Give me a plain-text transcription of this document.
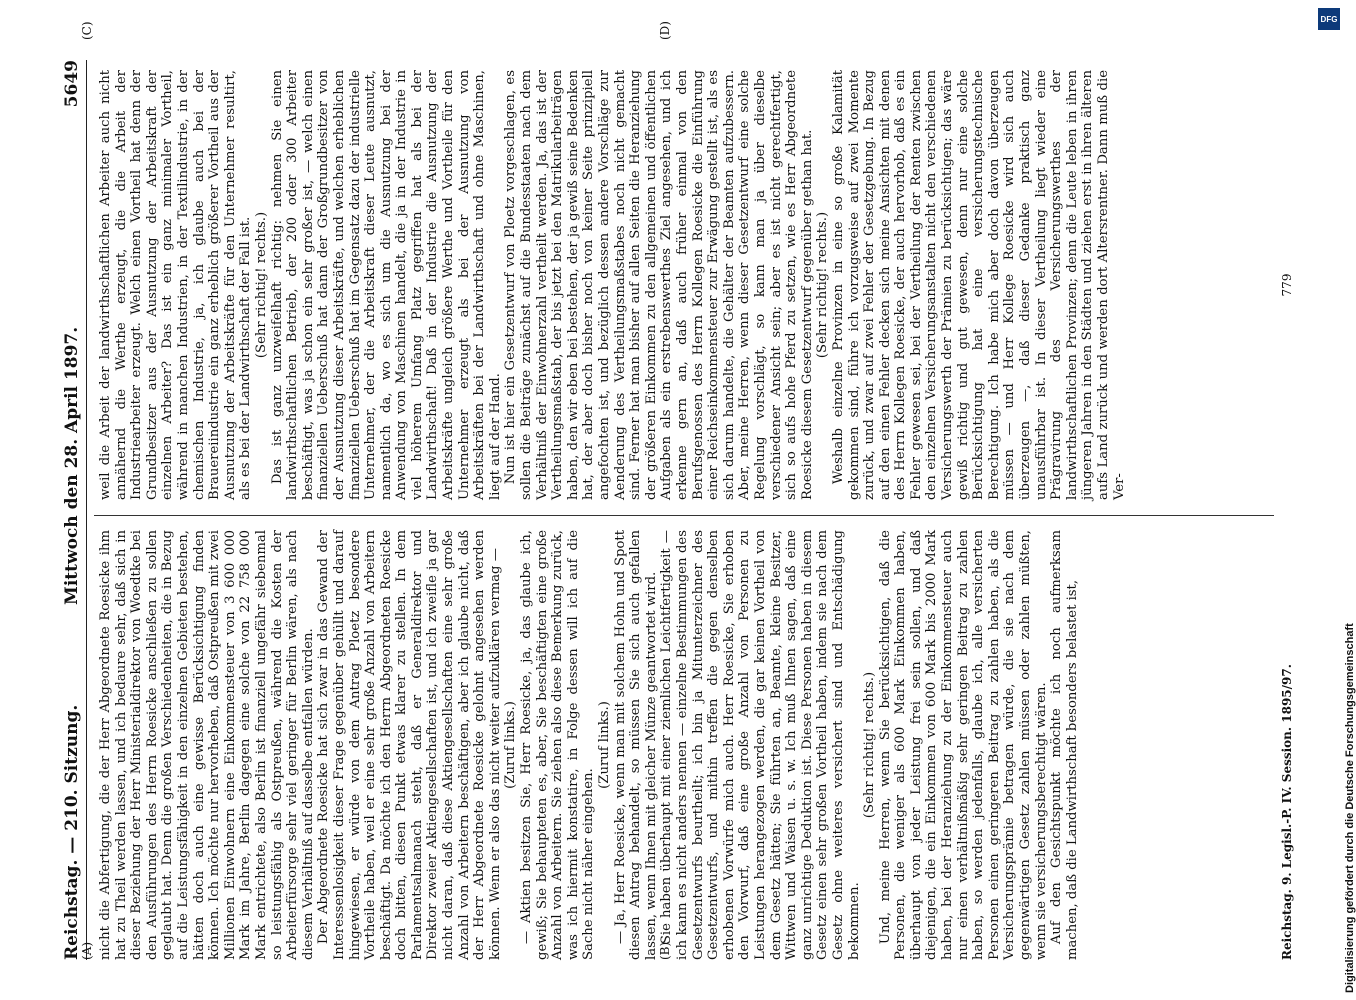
Reichstag. — 210. Sitzung.
Mittwoch den 28. April 1897.
5649
(A)	(B)

nicht die Abfertigung, die der Herr Abgeordnete Roesicke ihm hat zu Theil werden lassen, und ich bedaure sehr, daß sich in dieser Beziehung der Herr Ministerialdirektor von Woedtke bei den Ausführungen des Herrn Roesicke anschließen zu sollen geglaubt hat. Denn die großen Verschiedenheiten, die in Bezug auf die Leistungsfähigkeit in den einzelnen Gebieten bestehen, hätten doch auch eine gewisse Berücksichtigung finden können. Ich möchte nur hervorheben, daß Ostpreußen mit zwei Millionen Einwohnern eine Einkommensteuer von 3 600 000 Mark im Jahre, Berlin dagegen eine solche von 22 758 000 Mark entrichtete, also Berlin ist finanziell ungefähr siebenmal so leistungsfähig als Ostpreußen, während die Kosten der Arbeiterfürsorge sehr viel geringer für Berlin wären, als nach diesem Verhältniß auf dasselbe entfallen würden. Der Abgeordnete Roesicke hat sich zwar in das Gewand der Interessenlosigkeit dieser Frage gegenüber gehüllt und darauf hingewiesen, er würde von dem Antrag Ploetz besondere Vortheile haben, weil er eine sehr große Anzahl von Arbeitern beschäftigt. Da möchte ich den Herrn Abgeordneten Roesicke doch bitten, diesen Punkt etwas klarer zu stellen. In dem Parlamentsalmanach steht, daß er Generaldirektor und Direktor zweier Aktiengesellschaften ist, und ich zweifle ja gar nicht daran, daß diese Aktiengesellschaften eine sehr große Anzahl von Arbeitern beschäftigen, aber ich glaube nicht, daß der Herr Abgeordnete Roesicke gelohnt angesehen werden können. Wenn er also das nicht weiter aufzuklären vermag — (Zuruf links.) — Aktien besitzen Sie, Herr Roesicke, ja, das glaube ich, gewiß; Sie behaupteten es, aber, Sie beschäftigten eine große Anzahl von Arbeitern. Sie ziehen also diese Bemerkung zurück, was ich hiermit konstatire, in Folge dessen will ich auf die Sache nicht näher eingehen.

(Zuruf links.) — Ja, Herr Roesicke, wenn man mit solchem Hohn und Spott diesen Antrag behandelt, so müssen Sie sich auch gefallen lassen, wenn Ihnen mit gleicher Münze geantwortet wird. Sie haben überhaupt mit einer ziemlichen Leichtfertigkeit — ich kann es nicht anders nennen — einzelne Bestimmungen des Gesetzentwurfs beurtheilt; ich bin ja Mitunterzeichner des Gesetzentwurfs, und mithin treffen die gegen denselben erhobenen Vorwürfe mich auch. Herr Roesicke, Sie erhoben den Vorwurf, daß eine große Anzahl von Personen zu Leistungen herangezogen werden, die gar keinen Vortheil von dem Gesetz hätten; Sie führten an, Beamte, kleine Besitzer, Wittwen und Waisen u. s. w. Ich muß Ihnen sagen, daß eine ganz unrichtige Deduktion ist. Diese Personen haben in diesem Gesetz einen sehr großen Vortheil haben, indem sie nach dem Gesetz ohne weiteres versichert sind und Entschädigung bekommen.

(Sehr richtig! rechts.) Und, meine Herren, wenn Sie berücksichtigen, daß die Personen, die weniger als 600 Mark Einkommen haben, überhaupt von jeder Leistung frei sein sollen, und daß diejenigen, die ein Einkommen von 600 Mark bis 2000 Mark haben, bei der Heranziehung zu der Einkommensteuer auch nur einen verhältnißmäßig sehr geringen Beitrag zu zahlen haben, so werden jedenfalls, glaube ich, alle versicherten Personen einen geringeren Beitrag zu zahlen haben, als die Versicherungsprämie betragen würde, die sie nach dem gegenwärtigen Gesetz zahlen müssen oder zahlen müßten, wenn sie versicherungsberechtigt wären. Auf den Gesichtspunkt möchte ich noch aufmerksam machen, daß die Landwirthschaft besonders belastet ist,

(C)	(D)

weil die Arbeit der landwirthschaftlichen Arbeiter auch nicht annähernd die Werthe erzeugt, die die Arbeit der Industriearbeiter erzeugt. Welch einen Vortheil hat denn der Grundbesitzer aus der Ausnutzung der Arbeitskraft der einzelnen Arbeiter? Das ist ein ganz minimaler Vortheil, während in manchen Industrien, in der Textilindustrie, in der chemischen Industrie, ja, ich glaube auch bei der Brauereiindustrie ein ganz erheblich größerer Vortheil aus der Ausnutzung der Arbeitskräfte für den Unternehmer resultirt, als es bei der Landwirthschaft der Fall ist. (Sehr richtig! rechts.) Das ist ganz unzweifelhaft richtig: nehmen Sie einen landwirthschaftlichen Betrieb, der 200 oder 300 Arbeiter beschäftigt, was ja schon ein sehr großer ist, — welch einen finanziellen Ueberschuß hat dann der Großgrundbesitzer von der Ausnutzung dieser Arbeitskräfte, und welchen erheblichen finanziellen Ueberschuß hat im Gegensatz dazu der industrielle Unternehmer, der die Arbeitskraft dieser Leute ausnutzt, namentlich da, wo es sich um die Ausnutzung bei der Anwendung von Maschinen handelt, die ja in der Industrie in viel höherem Umfang Platz gegriffen hat als bei der Landwirthschaft! Daß in der Industrie die Ausnutzung der Arbeitskräfte ungleich größere Werthe und Vortheile für den Unternehmer erzeugt als bei der Ausnutzung von Arbeitskräften bei der Landwirthschaft und ohne Maschinen, liegt auf der Hand. Nun ist hier ein Gesetzentwurf von Ploetz vorgeschlagen, es sollen die Beiträge zunächst auf die Bundesstaaten nach dem Verhältniß der Einwohnerzahl vertheilt werden. Ja, das ist der Vertheilungsmaßstab, der bis jetzt bei den Matrikularbeiträgen haben, den wir eben bei bestehen, der ja gewiß seine Bedenken hat, der aber doch bisher noch von keiner Seite prinzipiell angefochten ist, und bezüglich dessen andere Vorschläge zur Aenderung des Vertheilungsmaßstabes noch nicht gemacht sind. Ferner hat man bisher auf allen Seiten die Heranziehung der größeren Einkommen zu den allgemeinen und öffentlichen Aufgaben als ein erstrebenswerthes Ziel angesehen, und ich erkenne gern an, daß auch früher einmal von den Berufsgenossen des Herrn Kollegen Roesicke die Einführung einer Reichseinkommensteuer zur Erwägung gestellt ist, als es sich darum handelte, die Gehälter der Beamten aufzubessern. Aber, meine Herren, wenn dieser Gesetzentwurf eine solche Regelung vorschlägt, so kann man ja über dieselbe verschiedener Ansicht sein; aber es ist nicht gerechtfertigt, sich so aufs hohe Pferd zu setzen, wie es Herr Abgeordnete Roesicke diesem Gesetzentwurf gegenüber gethan hat. (Sehr richtig! rechts.) Weshalb einzelne Provinzen in eine so große Kalamität gekommen sind, führe ich vorzugsweise auf zwei Momente zurück, und zwar auf zwei Fehler der Gesetzgebung. In Bezug auf den einen Fehler decken sich meine Ansichten mit denen des Herrn Kollegen Roesicke, der auch hervorhob, daß es ein Fehler gewesen sei, bei der Vertheilung der Renten zwischen den einzelnen Versicherungsanstalten nicht den verschiedenen Versicherungswerth der Prämien zu berücksichtigen; das wäre gewiß richtig und gut gewesen, denn nur eine solche Berücksichtigung hat eine versicherungstechnische Berechtigung. Ich habe mich aber doch davon überzeugen müssen — und Herr Kollege Roesicke wird sich auch überzeugen —, daß dieser Gedanke praktisch ganz unausführbar ist. In dieser Vertheilung liegt wieder eine Prägravirung des Versicherungswerthes der landwirthschaftlichen Provinzen; denn die Leute leben in ihren jüngeren Jahren in den Städten und ziehen erst in ihren älteren aufs Land zurück und werden dort Altersrentner. Dann muß die Ver-

Reichstag. 9. Legisl.-P. IV. Session. 1895/97.
779
DFG
Digitalisierung gefördert durch die Deutsche Forschungsgemeinschaft
